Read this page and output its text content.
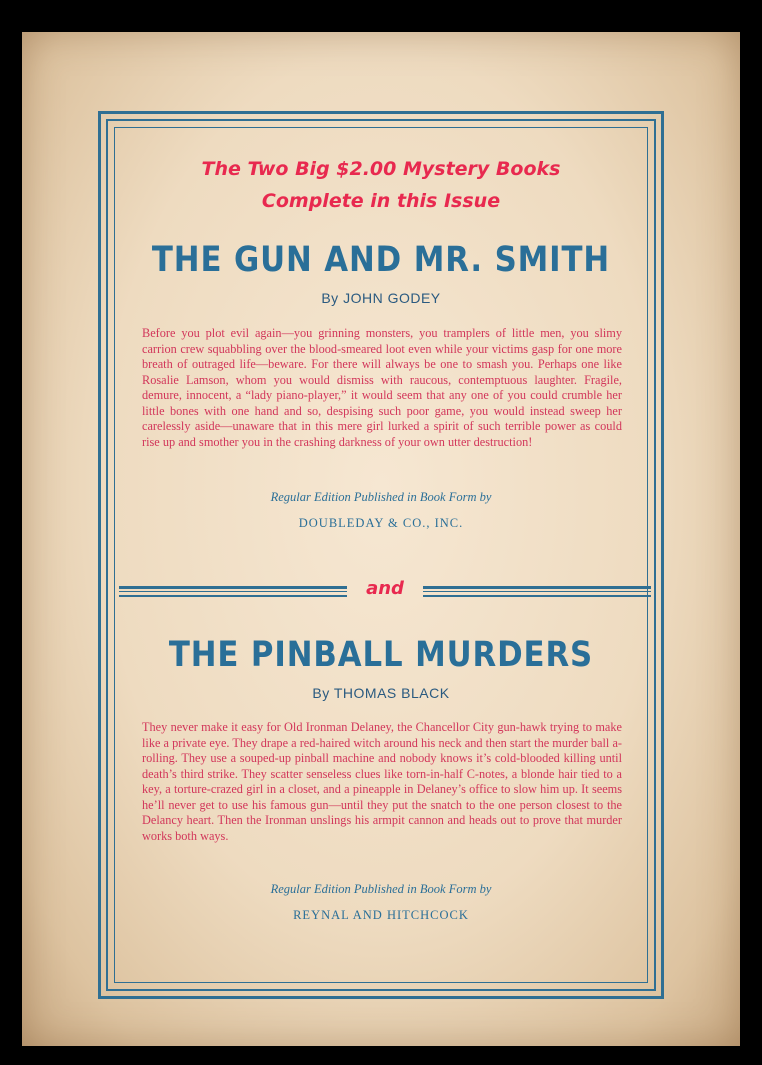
The Two Big $2.00 Mystery Books
Complete in this Issue
THE GUN AND MR. SMITH
By JOHN GODEY
Before you plot evil again—you grinning monsters, you tramplers of little men, you slimy carrion crew squabbling over the blood-smeared loot even while your victims gasp for one more breath of outraged life—beware. For there will always be one to smash you. Perhaps one like Rosalie Lamson, whom you would dismiss with raucous, contemptuous laughter. Fragile, demure, innocent, a “lady piano-player,” it would seem that any one of you could crumble her little bones with one hand and so, despising such poor game, you would instead sweep her carelessly aside—unaware that in this mere girl lurked a spirit of such terrible power as could rise up and smother you in the crashing darkness of your own utter destruction!
Regular Edition Published in Book Form by
DOUBLEDAY & CO., INC.
and
THE PINBALL MURDERS
By THOMAS BLACK
They never make it easy for Old Ironman Delaney, the Chancellor City gun-hawk trying to make like a private eye. They drape a red-haired witch around his neck and then start the murder ball a-rolling. They use a souped-up pinball machine and nobody knows it’s cold-blooded killing until death’s third strike. They scatter senseless clues like torn-in-half C-notes, a blonde hair tied to a key, a torture-crazed girl in a closet, and a pineapple in Delaney’s office to slow him up. It seems he’ll never get to use his famous gun—until they put the snatch to the one person closest to the Delancy heart. Then the Ironman unslings his armpit cannon and heads out to prove that murder works both ways.
Regular Edition Published in Book Form by
REYNAL AND HITCHCOCK
